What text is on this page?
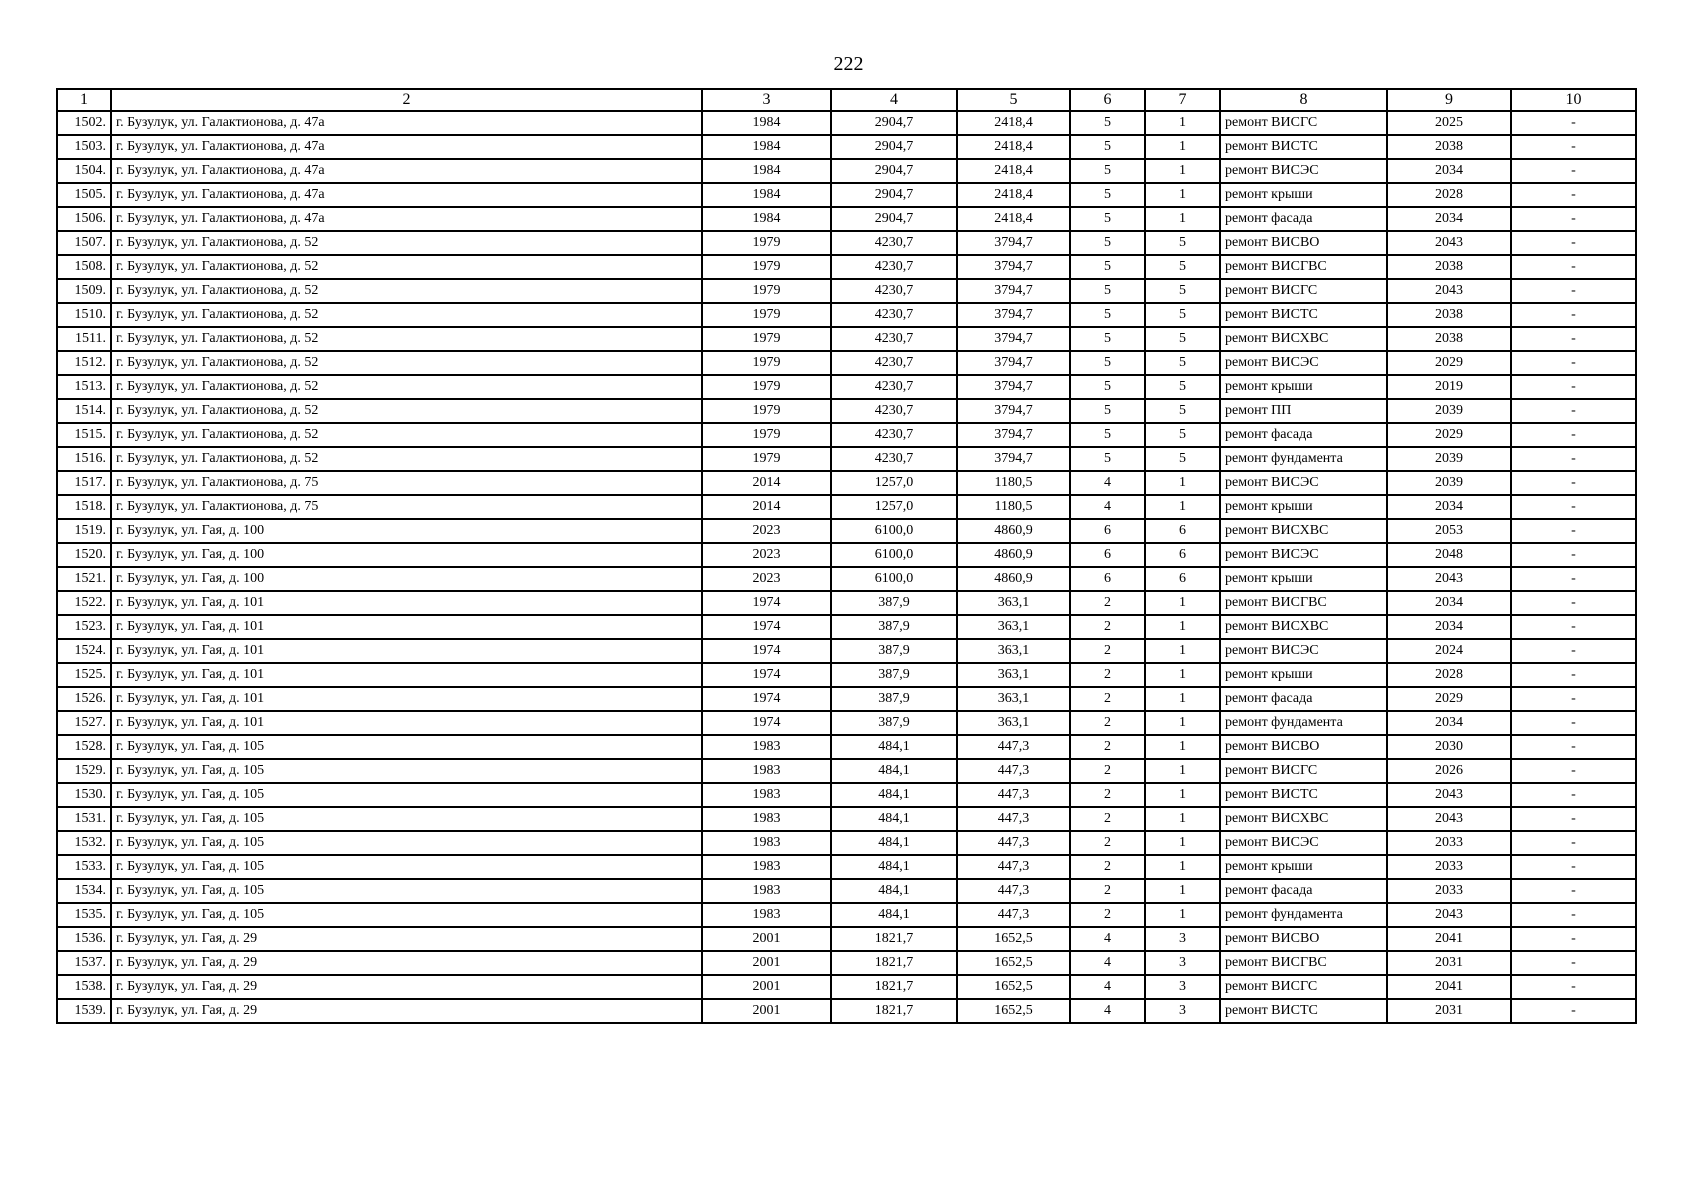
222
1	2	3	4	5	6	7	8	9	10
1502.	г. Бузулук, ул. Галактионова, д. 47а	1984	2904,7	2418,4	5	1	ремонт ВИСГС	2025	-
1503.	г. Бузулук, ул. Галактионова, д. 47а	1984	2904,7	2418,4	5	1	ремонт ВИСТС	2038	-
1504.	г. Бузулук, ул. Галактионова, д. 47а	1984	2904,7	2418,4	5	1	ремонт ВИСЭС	2034	-
1505.	г. Бузулук, ул. Галактионова, д. 47а	1984	2904,7	2418,4	5	1	ремонт крыши	2028	-
1506.	г. Бузулук, ул. Галактионова, д. 47а	1984	2904,7	2418,4	5	1	ремонт фасада	2034	-
1507.	г. Бузулук, ул. Галактионова, д. 52	1979	4230,7	3794,7	5	5	ремонт ВИСВО	2043	-
1508.	г. Бузулук, ул. Галактионова, д. 52	1979	4230,7	3794,7	5	5	ремонт ВИСГВС	2038	-
1509.	г. Бузулук, ул. Галактионова, д. 52	1979	4230,7	3794,7	5	5	ремонт ВИСГС	2043	-
1510.	г. Бузулук, ул. Галактионова, д. 52	1979	4230,7	3794,7	5	5	ремонт ВИСТС	2038	-
1511.	г. Бузулук, ул. Галактионова, д. 52	1979	4230,7	3794,7	5	5	ремонт ВИСХВС	2038	-
1512.	г. Бузулук, ул. Галактионова, д. 52	1979	4230,7	3794,7	5	5	ремонт ВИСЭС	2029	-
1513.	г. Бузулук, ул. Галактионова, д. 52	1979	4230,7	3794,7	5	5	ремонт крыши	2019	-
1514.	г. Бузулук, ул. Галактионова, д. 52	1979	4230,7	3794,7	5	5	ремонт ПП	2039	-
1515.	г. Бузулук, ул. Галактионова, д. 52	1979	4230,7	3794,7	5	5	ремонт фасада	2029	-
1516.	г. Бузулук, ул. Галактионова, д. 52	1979	4230,7	3794,7	5	5	ремонт фундамента	2039	-
1517.	г. Бузулук, ул. Галактионова, д. 75	2014	1257,0	1180,5	4	1	ремонт ВИСЭС	2039	-
1518.	г. Бузулук, ул. Галактионова, д. 75	2014	1257,0	1180,5	4	1	ремонт крыши	2034	-
1519.	г. Бузулук, ул. Гая, д. 100	2023	6100,0	4860,9	6	6	ремонт ВИСХВС	2053	-
1520.	г. Бузулук, ул. Гая, д. 100	2023	6100,0	4860,9	6	6	ремонт ВИСЭС	2048	-
1521.	г. Бузулук, ул. Гая, д. 100	2023	6100,0	4860,9	6	6	ремонт крыши	2043	-
1522.	г. Бузулук, ул. Гая, д. 101	1974	387,9	363,1	2	1	ремонт ВИСГВС	2034	-
1523.	г. Бузулук, ул. Гая, д. 101	1974	387,9	363,1	2	1	ремонт ВИСХВС	2034	-
1524.	г. Бузулук, ул. Гая, д. 101	1974	387,9	363,1	2	1	ремонт ВИСЭС	2024	-
1525.	г. Бузулук, ул. Гая, д. 101	1974	387,9	363,1	2	1	ремонт крыши	2028	-
1526.	г. Бузулук, ул. Гая, д. 101	1974	387,9	363,1	2	1	ремонт фасада	2029	-
1527.	г. Бузулук, ул. Гая, д. 101	1974	387,9	363,1	2	1	ремонт фундамента	2034	-
1528.	г. Бузулук, ул. Гая, д. 105	1983	484,1	447,3	2	1	ремонт ВИСВО	2030	-
1529.	г. Бузулук, ул. Гая, д. 105	1983	484,1	447,3	2	1	ремонт ВИСГС	2026	-
1530.	г. Бузулук, ул. Гая, д. 105	1983	484,1	447,3	2	1	ремонт ВИСТС	2043	-
1531.	г. Бузулук, ул. Гая, д. 105	1983	484,1	447,3	2	1	ремонт ВИСХВС	2043	-
1532.	г. Бузулук, ул. Гая, д. 105	1983	484,1	447,3	2	1	ремонт ВИСЭС	2033	-
1533.	г. Бузулук, ул. Гая, д. 105	1983	484,1	447,3	2	1	ремонт крыши	2033	-
1534.	г. Бузулук, ул. Гая, д. 105	1983	484,1	447,3	2	1	ремонт фасада	2033	-
1535.	г. Бузулук, ул. Гая, д. 105	1983	484,1	447,3	2	1	ремонт фундамента	2043	-
1536.	г. Бузулук, ул. Гая, д. 29	2001	1821,7	1652,5	4	3	ремонт ВИСВО	2041	-
1537.	г. Бузулук, ул. Гая, д. 29	2001	1821,7	1652,5	4	3	ремонт ВИСГВС	2031	-
1538.	г. Бузулук, ул. Гая, д. 29	2001	1821,7	1652,5	4	3	ремонт ВИСГС	2041	-
1539.	г. Бузулук, ул. Гая, д. 29	2001	1821,7	1652,5	4	3	ремонт ВИСТС	2031	-
